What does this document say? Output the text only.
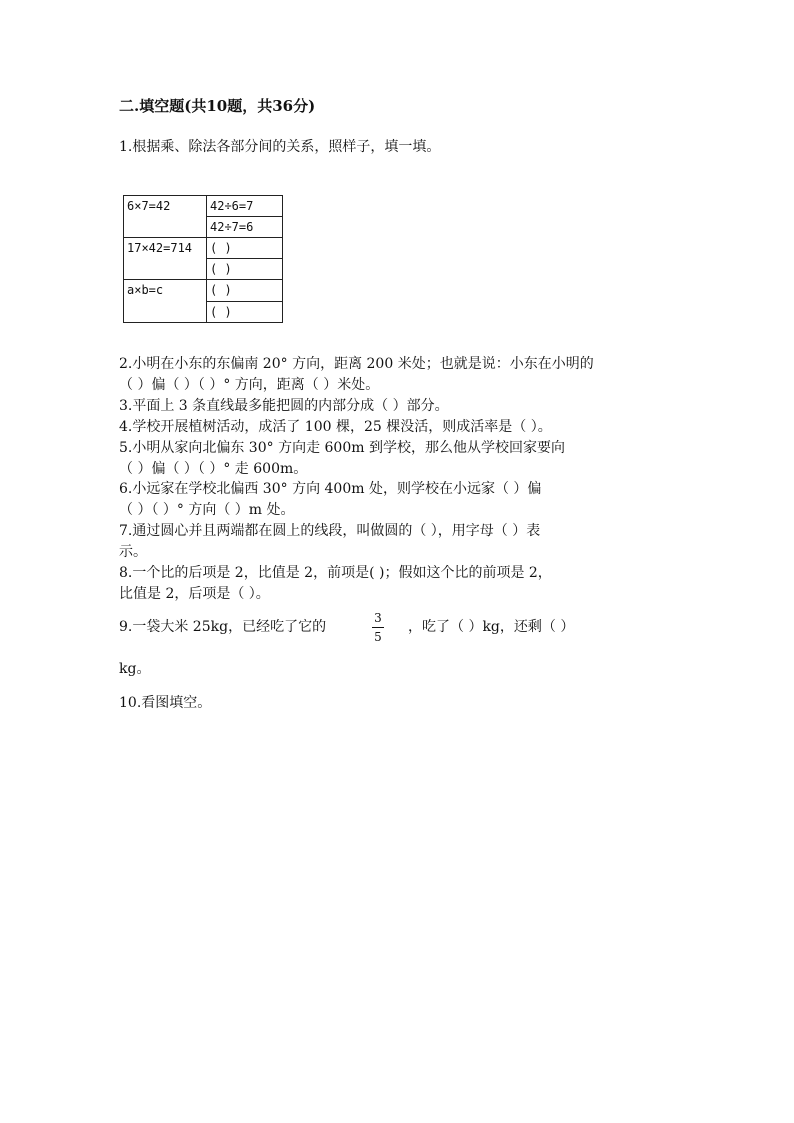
二.填空题(共10题，共36分)
1.根据乘、除法各部分间的关系，照样子，填一填。
6×7=42	42÷6=7
	42÷7=6
17×42=714	( )
	( )
a×b=c	( )
	( )
2.小明在小东的东偏南 20° 方向，距离 200 米处；也就是说：小东在小明的
（ ）偏（ ）（ ）° 方向，距离（ ）米处。
3.平面上 3 条直线最多能把圆的内部分成（ ）部分。
4.学校开展植树活动，成活了 100 棵，25 棵没活，则成活率是（ ）。
5.小明从家向北偏东 30° 方向走 600m 到学校，那么他从学校回家要向
（ ）偏（ ）（ ）° 走 600m。
6.小远家在学校北偏西 30° 方向 400m 处，则学校在小远家（ ）偏
（ ）（ ）° 方向（ ）m 处。
7.通过圆心并且两端都在圆上的线段，叫做圆的（ ），用字母（ ）表
示。
8.一个比的后项是 2，比值是 2，前项是( )；假如这个比的前项是 2，
比值是 2，后项是（ ）。
9.一袋大米 25kg，已经吃了它的
3
5
，吃了（ ）kg，还剩（ ）
kg。
10.看图填空。
